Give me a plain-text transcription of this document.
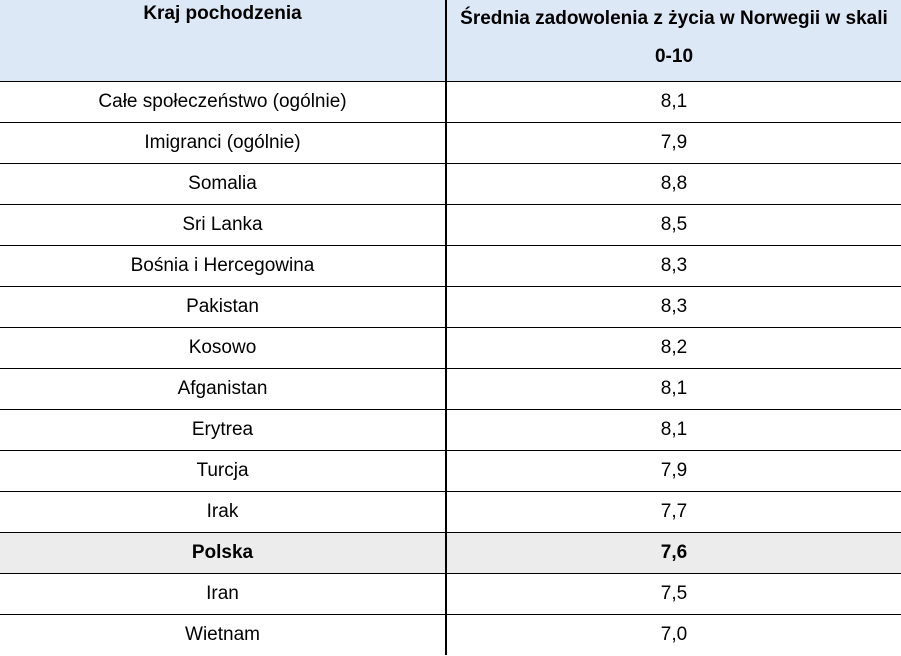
Kraj pochodzenia	Średnia zadowolenia z życia w Norwegii w skali
0-10

Całe społeczeństwo (ogólnie)	8,1
Imigranci (ogólnie)	7,9
Somalia	8,8
Sri Lanka	8,5
Bośnia i Hercegowina	8,3
Pakistan	8,3
Kosowo	8,2
Afganistan	8,1
Erytrea	8,1
Turcja	7,9
Irak	7,7
Polska	7,6
Iran	7,5
Wietnam	7,0
